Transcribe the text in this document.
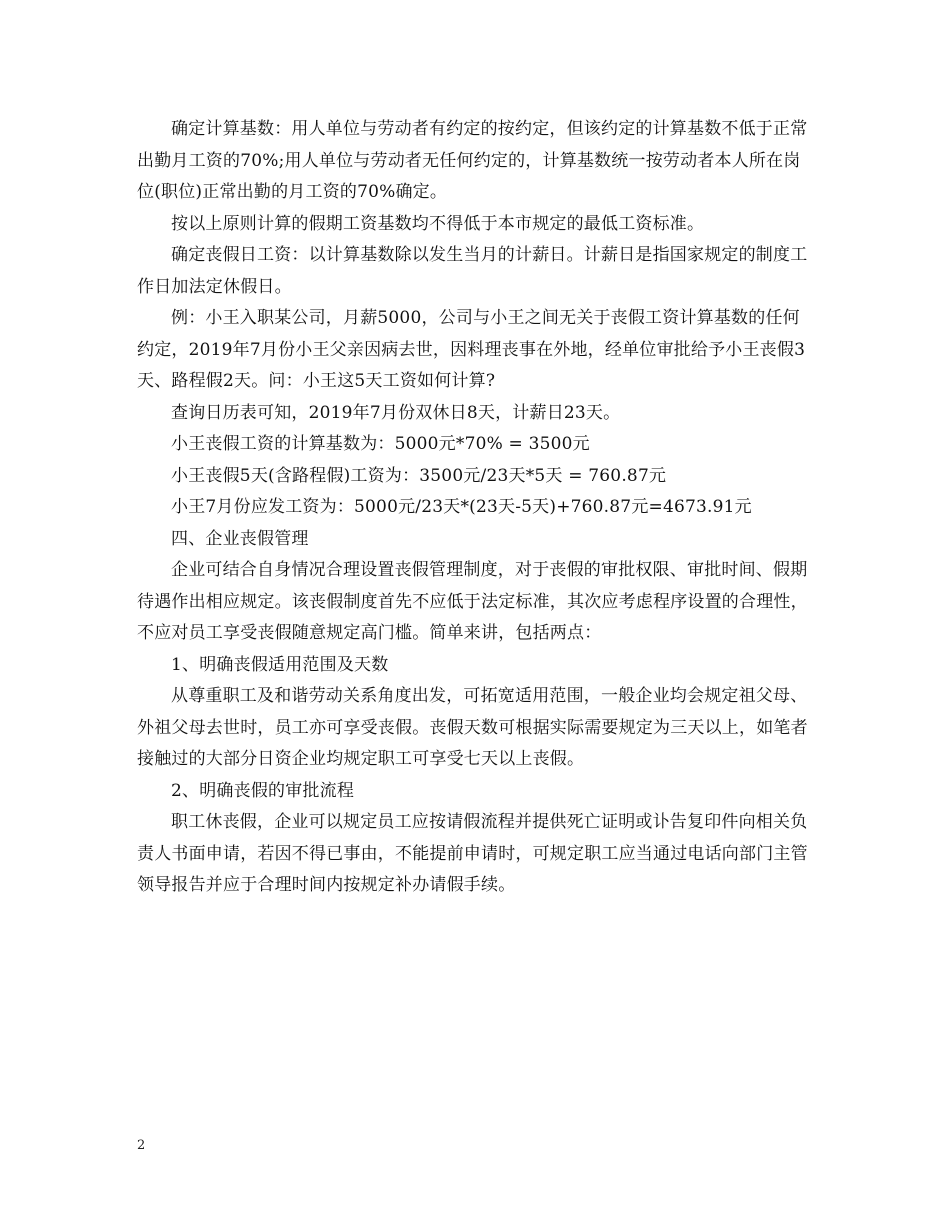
确定计算基数：用人单位与劳动者有约定的按约定，但该约定的计算基数不低于正常出勤月工资的70%;用人单位与劳动者无任何约定的，计算基数统一按劳动者本人所在岗位(职位)正常出勤的月工资的70%确定。

按以上原则计算的假期工资基数均不得低于本市规定的最低工资标准。

确定丧假日工资：以计算基数除以发生当月的计薪日。计薪日是指国家规定的制度工作日加法定休假日。

例：小王入职某公司，月薪5000，公司与小王之间无关于丧假工资计算基数的任何约定，2019年7月份小王父亲因病去世，因料理丧事在外地，经单位审批给予小王丧假3天、路程假2天。问：小王这5天工资如何计算?

查询日历表可知，2019年7月份双休日8天，计薪日23天。

小王丧假工资的计算基数为：5000元*70% = 3500元

小王丧假5天(含路程假)工资为：3500元/23天*5天 = 760.87元

小王7月份应发工资为：5000元/23天*(23天-5天)+760.87元=4673.91元

四、企业丧假管理

企业可结合自身情况合理设置丧假管理制度，对于丧假的审批权限、审批时间、假期待遇作出相应规定。该丧假制度首先不应低于法定标准，其次应考虑程序设置的合理性，不应对员工享受丧假随意规定高门槛。简单来讲，包括两点：

1、明确丧假适用范围及天数

从尊重职工及和谐劳动关系角度出发，可拓宽适用范围，一般企业均会规定祖父母、外祖父母去世时，员工亦可享受丧假。丧假天数可根据实际需要规定为三天以上，如笔者接触过的大部分日资企业均规定职工可享受七天以上丧假。

2、明确丧假的审批流程

职工休丧假，企业可以规定员工应按请假流程并提供死亡证明或讣告复印件向相关负责人书面申请，若因不得已事由，不能提前申请时，可规定职工应当通过电话向部门主管领导报告并应于合理时间内按规定补办请假手续。

2
